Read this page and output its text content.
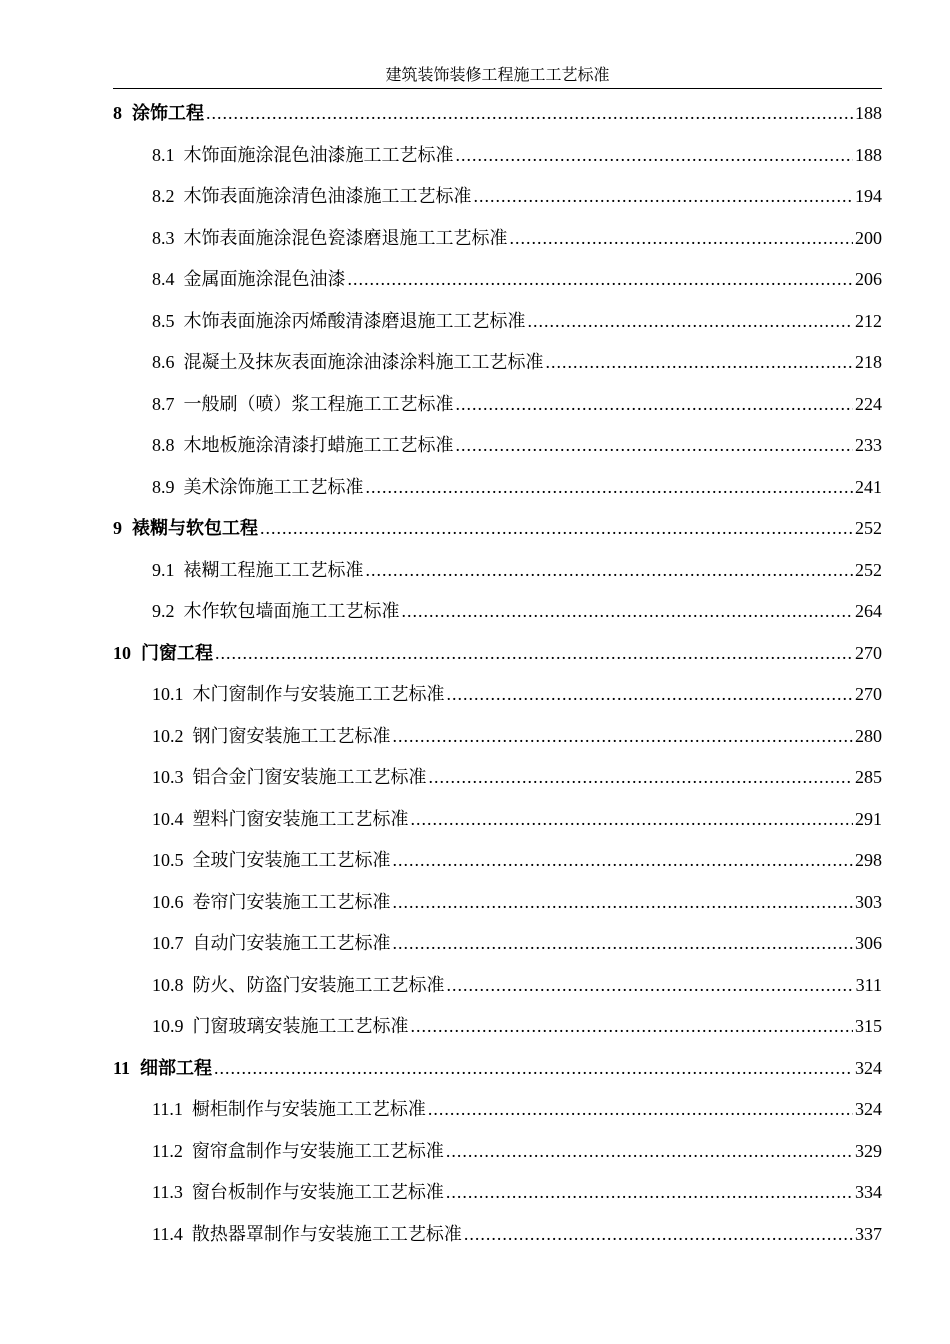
建筑装饰装修工程施工工艺标准
8 涂饰工程 .....	188
8.1 木饰面施涂混色油漆施工工艺标准 .....	188
8.2 木饰表面施涂清色油漆施工工艺标准 .....	194
8.3 木饰表面施涂混色瓷漆磨退施工工艺标准 .....	200
8.4 金属面施涂混色油漆 .....	206
8.5 木饰表面施涂丙烯酸清漆磨退施工工艺标准 .....	212
8.6 混凝土及抹灰表面施涂油漆涂料施工工艺标准 .....	218
8.7 一般刷（喷）浆工程施工工艺标准 .....	224
8.8 木地板施涂清漆打蜡施工工艺标准 .....	233
8.9 美术涂饰施工工艺标准 .....	241
9 裱糊与软包工程 .....	252
9.1 裱糊工程施工工艺标准 .....	252
9.2 木作软包墙面施工工艺标准 .....	264
10 门窗工程 .....	270
10.1 木门窗制作与安装施工工艺标准 .....	270
10.2 钢门窗安装施工工艺标准 .....	280
10.3 铝合金门窗安装施工工艺标准 .....	285
10.4 塑料门窗安装施工工艺标准 .....	291
10.5 全玻门安装施工工艺标准 .....	298
10.6 卷帘门安装施工工艺标准 .....	303
10.7 自动门安装施工工艺标准 .....	306
10.8 防火、防盗门安装施工工艺标准 .....	311
10.9 门窗玻璃安装施工工艺标准 .....	315
11 细部工程 .....	324
11.1 橱柜制作与安装施工工艺标准 .....	324
11.2 窗帘盒制作与安装施工工艺标准 .....	329
11.3 窗台板制作与安装施工工艺标准 .....	334
11.4 散热器罩制作与安装施工工艺标准 .....	337
